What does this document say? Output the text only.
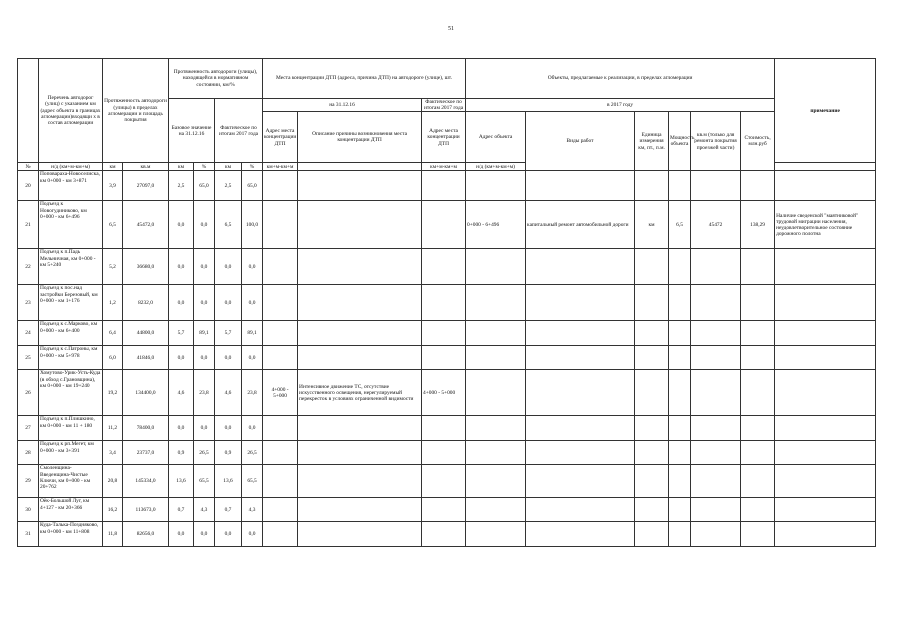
51
	Перечень автодорог (улиц) с указанием км (адрес объекта в границах агломерации)входящи х в состав агломерации	Протяженность автодороги (улицы) в пределах агломерации и площадь покрытия		Протяженность автодороги (улицы), находящейся в нормативном состоянии, км/%				Места концентрации ДТП (адреса, причина ДТП) на автодороге (улице), шт.			Объекты, предлагаемые к реализации, в пределах агломерации						примечание
				Базовое значение на 31.12.16		Фактическое по итогам 2017 года		на 31.12.16		Фактическое по итогам 2017 года	в 2017 году						
								Адрес места концентрации ДТП	Описание причины возникновения места концентрации ДТП	Адрес места концентрации ДТП	Адрес объекта	Виды работ	Единица измерения км, пт., п.м.	Мощность объекта	кв.м (только для ремонта покрытия проезжей части)	Стоимость, млн.руб	
№	н/д (км+м-км+м)	км	кв.м	км	%	км	%	км+м-км+м		км+м-км+м	н/д (км+м-км+м)						
20	Поповараха-Новоселиска, км 0+000 - км 3+871	3,9	27097,0	2,5	65,0	2,5	65,0										
21	Подъезд к Новогудиниково, км 0+000 - км 6+496	6,5	45472,0	0,0	0,0	6,5	100,0				0+000 - 6+496	капитальный ремонт автомобильной дороги	км	6,5	45472	138,29	Наличие сведенской "маятниковой" трудовой миграции населения, неудовлетворительное состояние дорожного полотна
22	Подъезд к п.Падь Мельничная, км 0+000 - км 5+240	5,2	36680,0	0,0	0,0	0,0	0,0										
23	Подъезд к пос.над застройки Березовый, км 0+000 - км 1+176	1,2	8232,0	0,0	0,0	0,0	0,0										
24	Подъезд к с.Марково, км 0+000 - км 6+400	6,4	44800,0	5,7	89,1	5,7	89,1										
25	Подъезд к с.Патроны, км 0+000 - км 5+978	6,0	41846,0	0,0	0,0	0,0	0,0										
26	Хомутово-Урик-Усть-Куда (в обход с.Грановщина), км 0+000 - км 19+240	19,2	134400,0	4,6	23,8	4,6	23,8	4+000 - 5+000	Интенсивное движение ТС, отсутствие искусственного освещения, нерегулируемый перекресток в условиях ограниченной видимости	4+000 - 5+000							
27	Подъезд к п.Плишкино, км 0+000 - км 11 + 180	11,2	78400,0	0,0	0,0	0,0	0,0										
28	Подъезд к рп.Мегет, км 0+000 - км 3+391	3,4	23737,0	0,9	26,5	0,9	26,5										
29	Смоленщина-Введенщина-Чистые Ключи, км 0+000 - км 20+762	20,8	145334,0	13,6	65,5	13,6	65,5										
30	Оёк-Большой Луг, км 4+127 - км 20+366	16,2	113673,0	0,7	4,3	0,7	4,3										
31	Куда-Талька-Поздняково, км 0+000 - км 11+808	11,8	82656,0	0,0	0,0	0,0	0,0										
